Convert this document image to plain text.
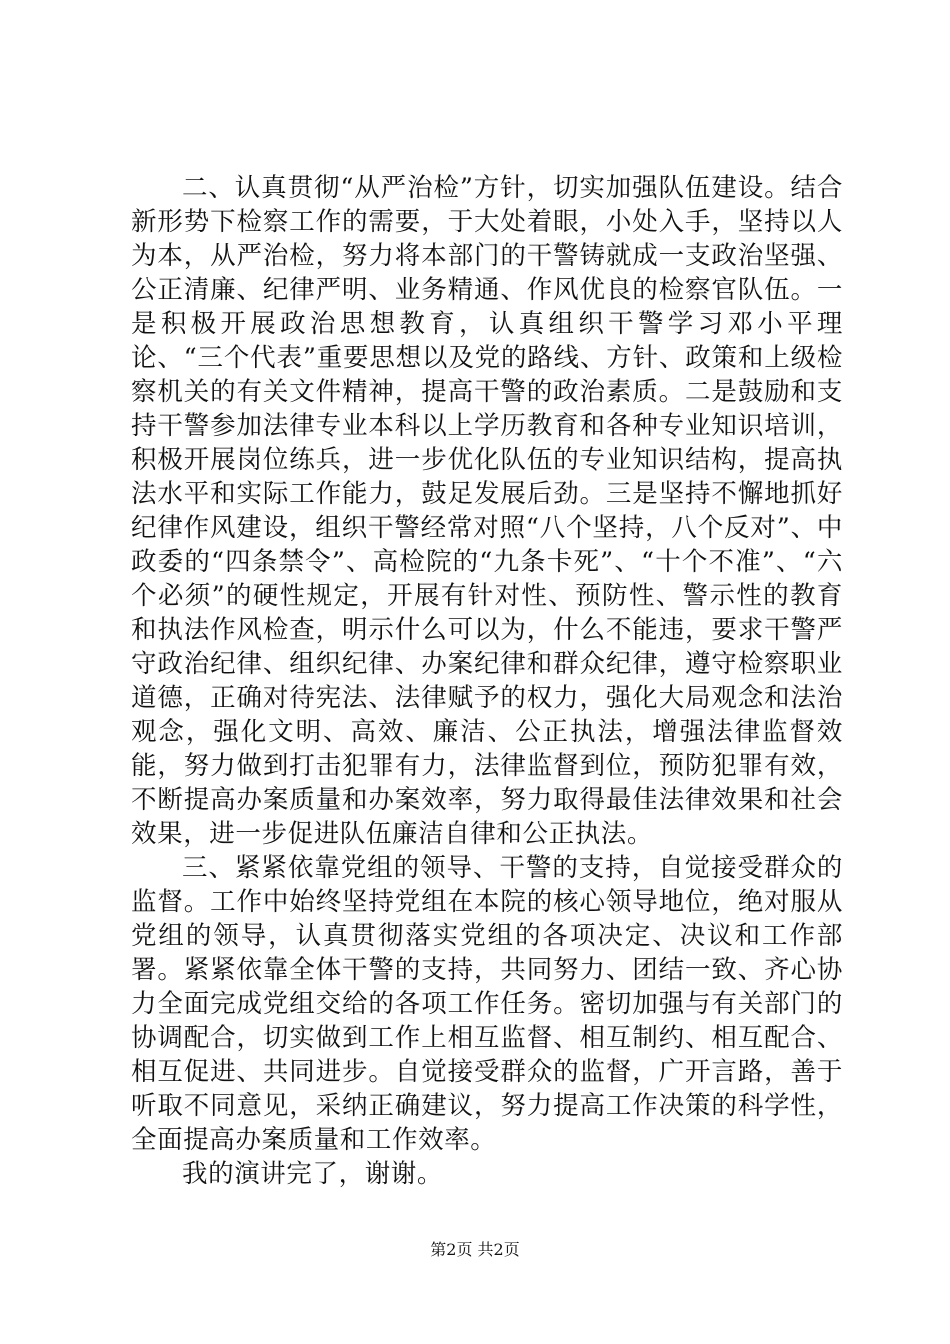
二、认真贯彻“从严治检”方针，切实加强队伍建设。结合新形势下检察工作的需要，于大处着眼，小处入手，坚持以人为本，从严治检，努力将本部门的干警铸就成一支政治坚强、公正清廉、纪律严明、业务精通、作风优良的检察官队伍。一是积极开展政治思想教育，认真组织干警学习邓小平理论、“三个代表”重要思想以及党的路线、方针、政策和上级检察机关的有关文件精神，提高干警的政治素质。二是鼓励和支持干警参加法律专业本科以上学历教育和各种专业知识培训，积极开展岗位练兵，进一步优化队伍的专业知识结构，提高执法水平和实际工作能力，鼓足发展后劲。三是坚持不懈地抓好纪律作风建设，组织干警经常对照“八个坚持，八个反对”、中政委的“四条禁令”、高检院的“九条卡死”、“十个不准”、“六个必须”的硬性规定，开展有针对性、预防性、警示性的教育和执法作风检查，明示什么可以为，什么不能违，要求干警严守政治纪律、组织纪律、办案纪律和群众纪律，遵守检察职业道德，正确对待宪法、法律赋予的权力，强化大局观念和法治观念，强化文明、高效、廉洁、公正执法，增强法律监督效能，努力做到打击犯罪有力，法律监督到位，预防犯罪有效，不断提高办案质量和办案效率，努力取得最佳法律效果和社会效果，进一步促进队伍廉洁自律和公正执法。

三、紧紧依靠党组的领导、干警的支持，自觉接受群众的监督。工作中始终坚持党组在本院的核心领导地位，绝对服从党组的领导，认真贯彻落实党组的各项决定、决议和工作部署。紧紧依靠全体干警的支持，共同努力、团结一致、齐心协力全面完成党组交给的各项工作任务。密切加强与有关部门的协调配合，切实做到工作上相互监督、相互制约、相互配合、相互促进、共同进步。自觉接受群众的监督，广开言路，善于听取不同意见，采纳正确建议，努力提高工作决策的科学性，全面提高办案质量和工作效率。

我的演讲完了，谢谢。

第2页 共2页
